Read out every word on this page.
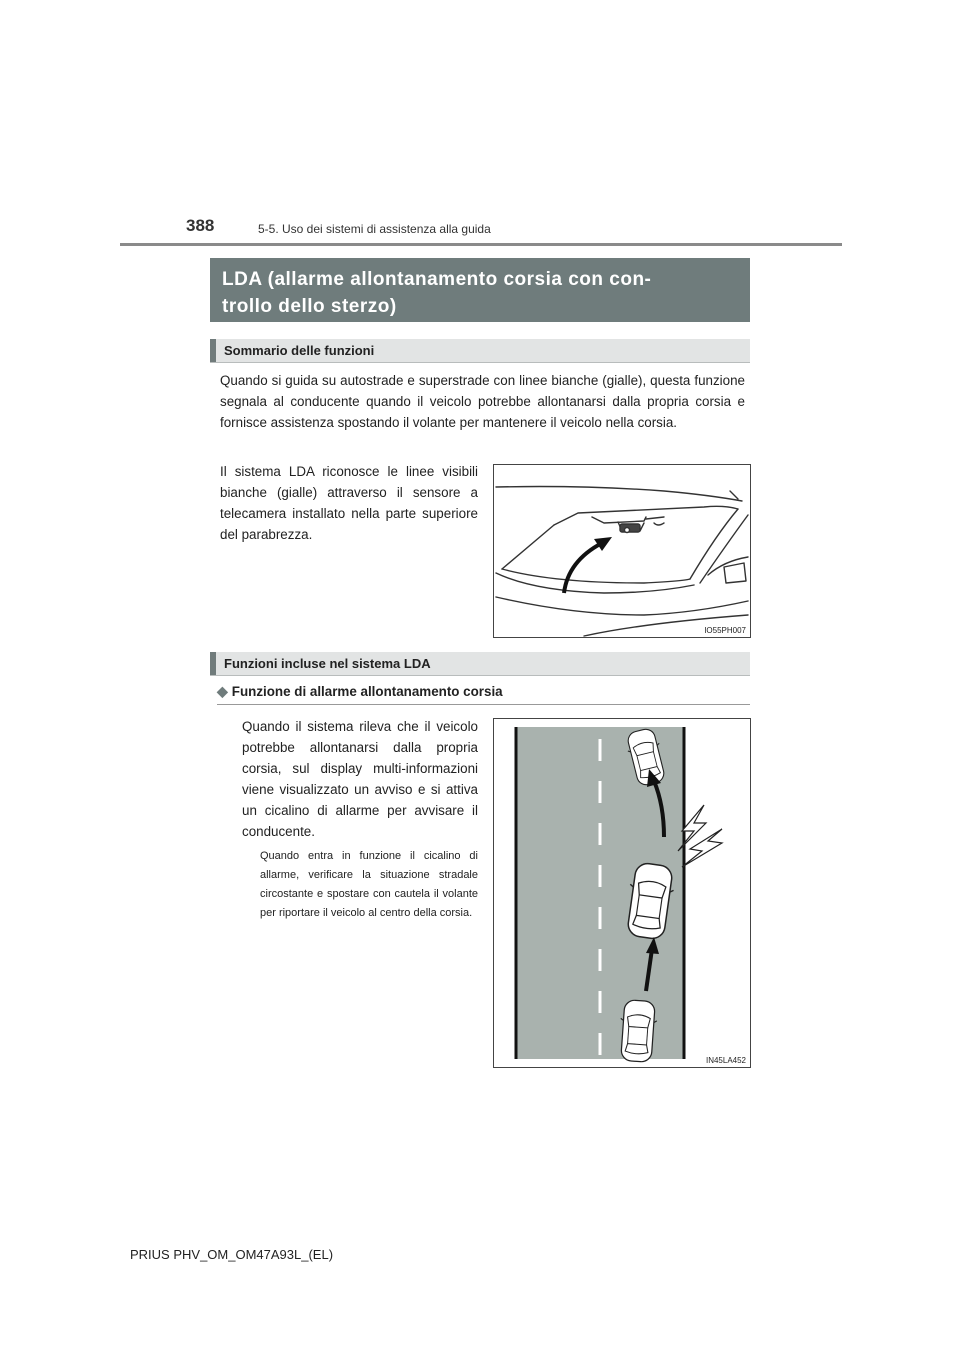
388	5-5. Uso dei sistemi di assistenza alla guida
LDA (allarme allontanamento corsia con con-
trollo dello sterzo)
Sommario delle funzioni
Quando si guida su autostrade e superstrade con linee bianche (gialle), questa funzione segnala al conducente quando il veicolo potrebbe allontanarsi dalla propria corsia e fornisce assistenza spostando il volante per mantenere il veicolo nella corsia.
Il sistema LDA riconosce le linee visibili bianche (gialle) attraverso il sensore a telecamera installato nella parte superiore del parabrezza.
IO55PH007
Funzioni incluse nel sistema LDA
◆ Funzione di allarme allontanamento corsia
Quando il sistema rileva che il veicolo potrebbe allontanarsi dalla propria corsia, sul display multi-informazioni viene visualizzato un avviso e si attiva un cicalino di allarme per avvisare il conducente.
Quando entra in funzione il cicalino di allarme, verificare la situazione stradale circostante e spostare con cautela il volante per riportare il veicolo al centro della corsia.
IN45LA452
PRIUS PHV_OM_OM47A93L_(EL)
